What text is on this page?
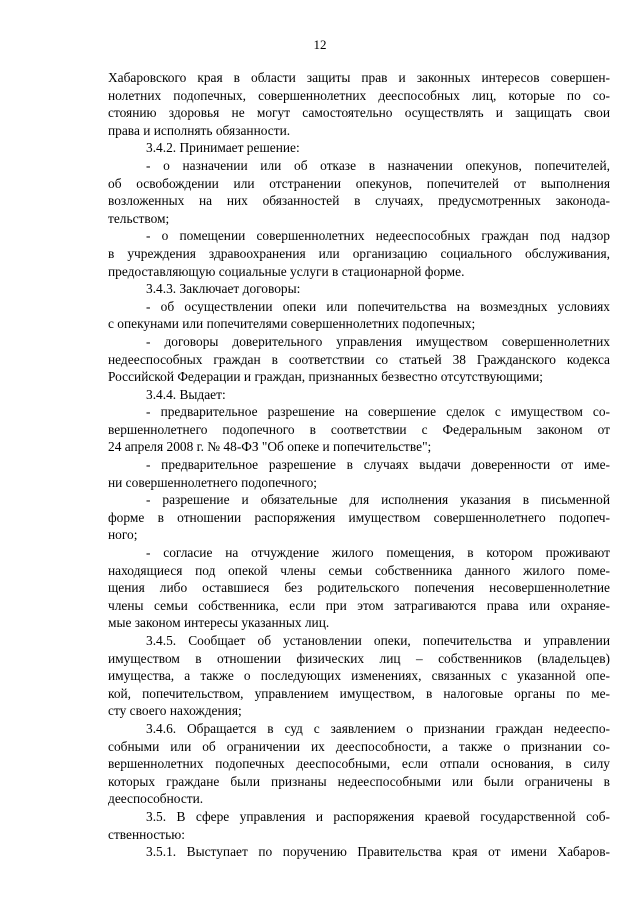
12
Хабаровского края в области защиты прав и законных интересов совершен-
нолетних подопечных, совершеннолетних дееспособных лиц, которые по со-
стоянию здоровья не могут самостоятельно осуществлять и защищать свои
права и исполнять обязанности.
3.4.2. Принимает решение:
- о назначении или об отказе в назначении опекунов, попечителей,
об освобождении или отстранении опекунов, попечителей от выполнения
возложенных на них обязанностей в случаях, предусмотренных законода-
тельством;
- о помещении совершеннолетних недееспособных граждан под надзор
в учреждения здравоохранения или организацию социального обслуживания,
предоставляющую социальные услуги в стационарной форме.
3.4.3. Заключает договоры:
- об осуществлении опеки или попечительства на возмездных условиях
с опекунами или попечителями совершеннолетних подопечных;
- договоры доверительного управления имуществом совершеннолетних
недееспособных граждан в соответствии со статьей 38 Гражданского кодекса
Российской Федерации и граждан, признанных безвестно отсутствующими;
3.4.4. Выдает:
- предварительное разрешение на совершение сделок с имуществом со-
вершеннолетнего подопечного в соответствии с Федеральным законом от
24 апреля 2008 г. № 48-ФЗ "Об опеке и попечительстве";
- предварительное разрешение в случаях выдачи доверенности от име-
ни совершеннолетнего подопечного;
- разрешение и обязательные для исполнения указания в письменной
форме в отношении распоряжения имуществом совершеннолетнего подопеч-
ного;
- согласие на отчуждение жилого помещения, в котором проживают
находящиеся под опекой члены семьи собственника данного жилого поме-
щения либо оставшиеся без родительского попечения несовершеннолетние
члены семьи собственника, если при этом затрагиваются права или охраняе-
мые законом интересы указанных лиц.
3.4.5. Сообщает об установлении опеки, попечительства и управлении
имуществом в отношении физических лиц – собственников (владельцев)
имущества, а также о последующих изменениях, связанных с указанной опе-
кой, попечительством, управлением имуществом, в налоговые органы по ме-
сту своего нахождения;
3.4.6. Обращается в суд с заявлением о признании граждан недееспо-
собными или об ограничении их дееспособности, а также о признании со-
вершеннолетних подопечных дееспособными, если отпали основания, в силу
которых граждане были признаны недееспособными или были ограничены в
дееспособности.
3.5. В сфере управления и распоряжения краевой государственной соб-
ственностью:
3.5.1. Выступает по поручению Правительства края от имени Хабаров-
